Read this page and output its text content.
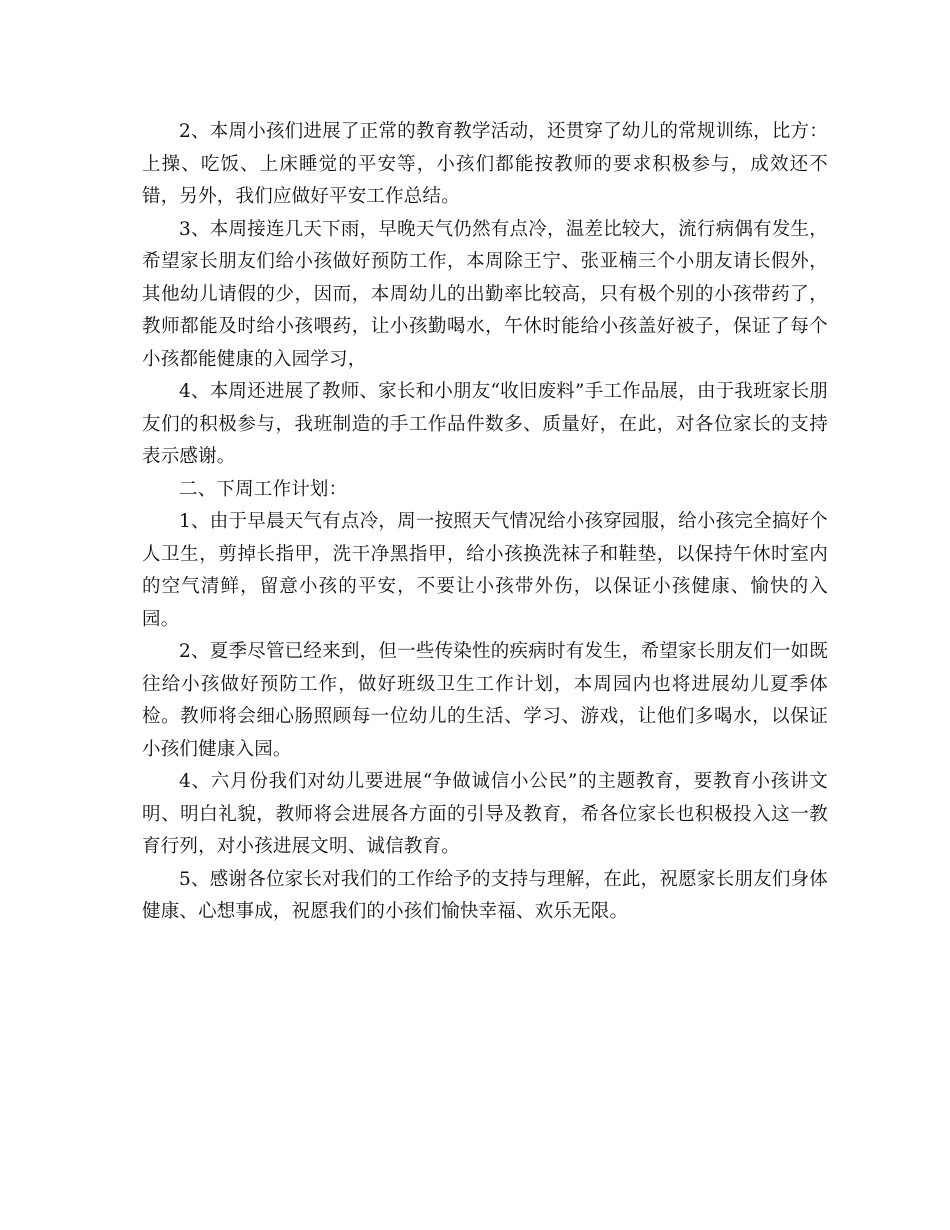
2、本周小孩们进展了正常的教育教学活动，还贯穿了幼儿的常规训练，比方：上操、吃饭、上床睡觉的平安等，小孩们都能按教师的要求积极参与，成效还不错，另外，我们应做好平安工作总结。

3、本周接连几天下雨，早晚天气仍然有点冷，温差比较大，流行病偶有发生，希望家长朋友们给小孩做好预防工作，本周除王宁、张亚楠三个小朋友请长假外，其他幼儿请假的少，因而，本周幼儿的出勤率比较高，只有极个别的小孩带药了，教师都能及时给小孩喂药，让小孩勤喝水，午休时能给小孩盖好被子，保证了每个小孩都能健康的入园学习，

4、本周还进展了教师、家长和小朋友“收旧废料”手工作品展，由于我班家长朋友们的积极参与，我班制造的手工作品件数多、质量好，在此，对各位家长的支持表示感谢。

二、下周工作计划：

1、由于早晨天气有点冷，周一按照天气情况给小孩穿园服，给小孩完全搞好个人卫生，剪掉长指甲，洗干净黑指甲，给小孩换洗袜子和鞋垫，以保持午休时室内的空气清鲜，留意小孩的平安，不要让小孩带外伤，以保证小孩健康、愉快的入园。

2、夏季尽管已经来到，但一些传染性的疾病时有发生，希望家长朋友们一如既往给小孩做好预防工作，做好班级卫生工作计划，本周园内也将进展幼儿夏季体检。教师将会细心肠照顾每一位幼儿的生活、学习、游戏，让他们多喝水，以保证小孩们健康入园。

4、六月份我们对幼儿要进展“争做诚信小公民”的主题教育，要教育小孩讲文明、明白礼貌，教师将会进展各方面的引导及教育，希各位家长也积极投入这一教育行列，对小孩进展文明、诚信教育。

5、感谢各位家长对我们的工作给予的支持与理解，在此，祝愿家长朋友们身体健康、心想事成，祝愿我们的小孩们愉快幸福、欢乐无限。
